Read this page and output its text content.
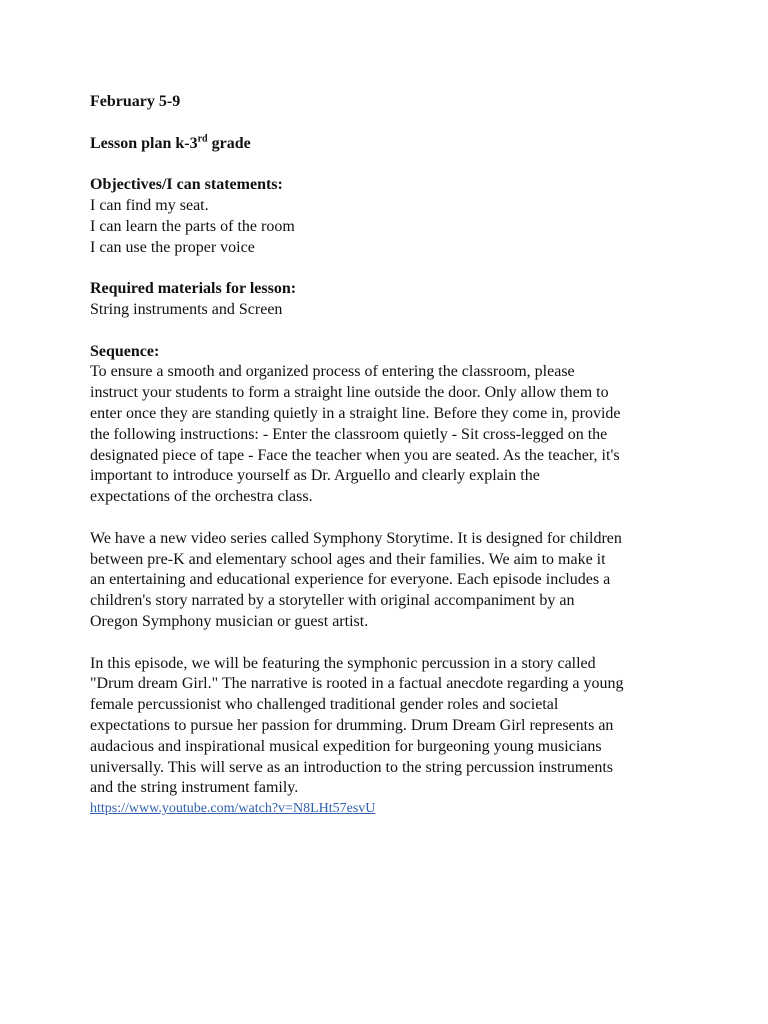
February 5-9
Lesson plan k-3rd grade
Objectives/I can statements:
I can find my seat.
I can learn the parts of the room
I can use the proper voice
Required materials for lesson:
String instruments and Screen
Sequence:
To ensure a smooth and organized process of entering the classroom, please
instruct your students to form a straight line outside the door. Only allow them to
enter once they are standing quietly in a straight line. Before they come in, provide
the following instructions: - Enter the classroom quietly - Sit cross-legged on the
designated piece of tape - Face the teacher when you are seated. As the teacher, it's
important to introduce yourself as Dr. Arguello and clearly explain the
expectations of the orchestra class.
We have a new video series called Symphony Storytime. It is designed for children
between pre-K and elementary school ages and their families. We aim to make it
an entertaining and educational experience for everyone. Each episode includes a
children's story narrated by a storyteller with original accompaniment by an
Oregon Symphony musician or guest artist.
In this episode, we will be featuring the symphonic percussion in a story called
"Drum dream Girl." The narrative is rooted in a factual anecdote regarding a young
female percussionist who challenged traditional gender roles and societal
expectations to pursue her passion for drumming. Drum Dream Girl represents an
audacious and inspirational musical expedition for burgeoning young musicians
universally. This will serve as an introduction to the string percussion instruments
and the string instrument family.
https://www.youtube.com/watch?v=N8LHt57esvU
